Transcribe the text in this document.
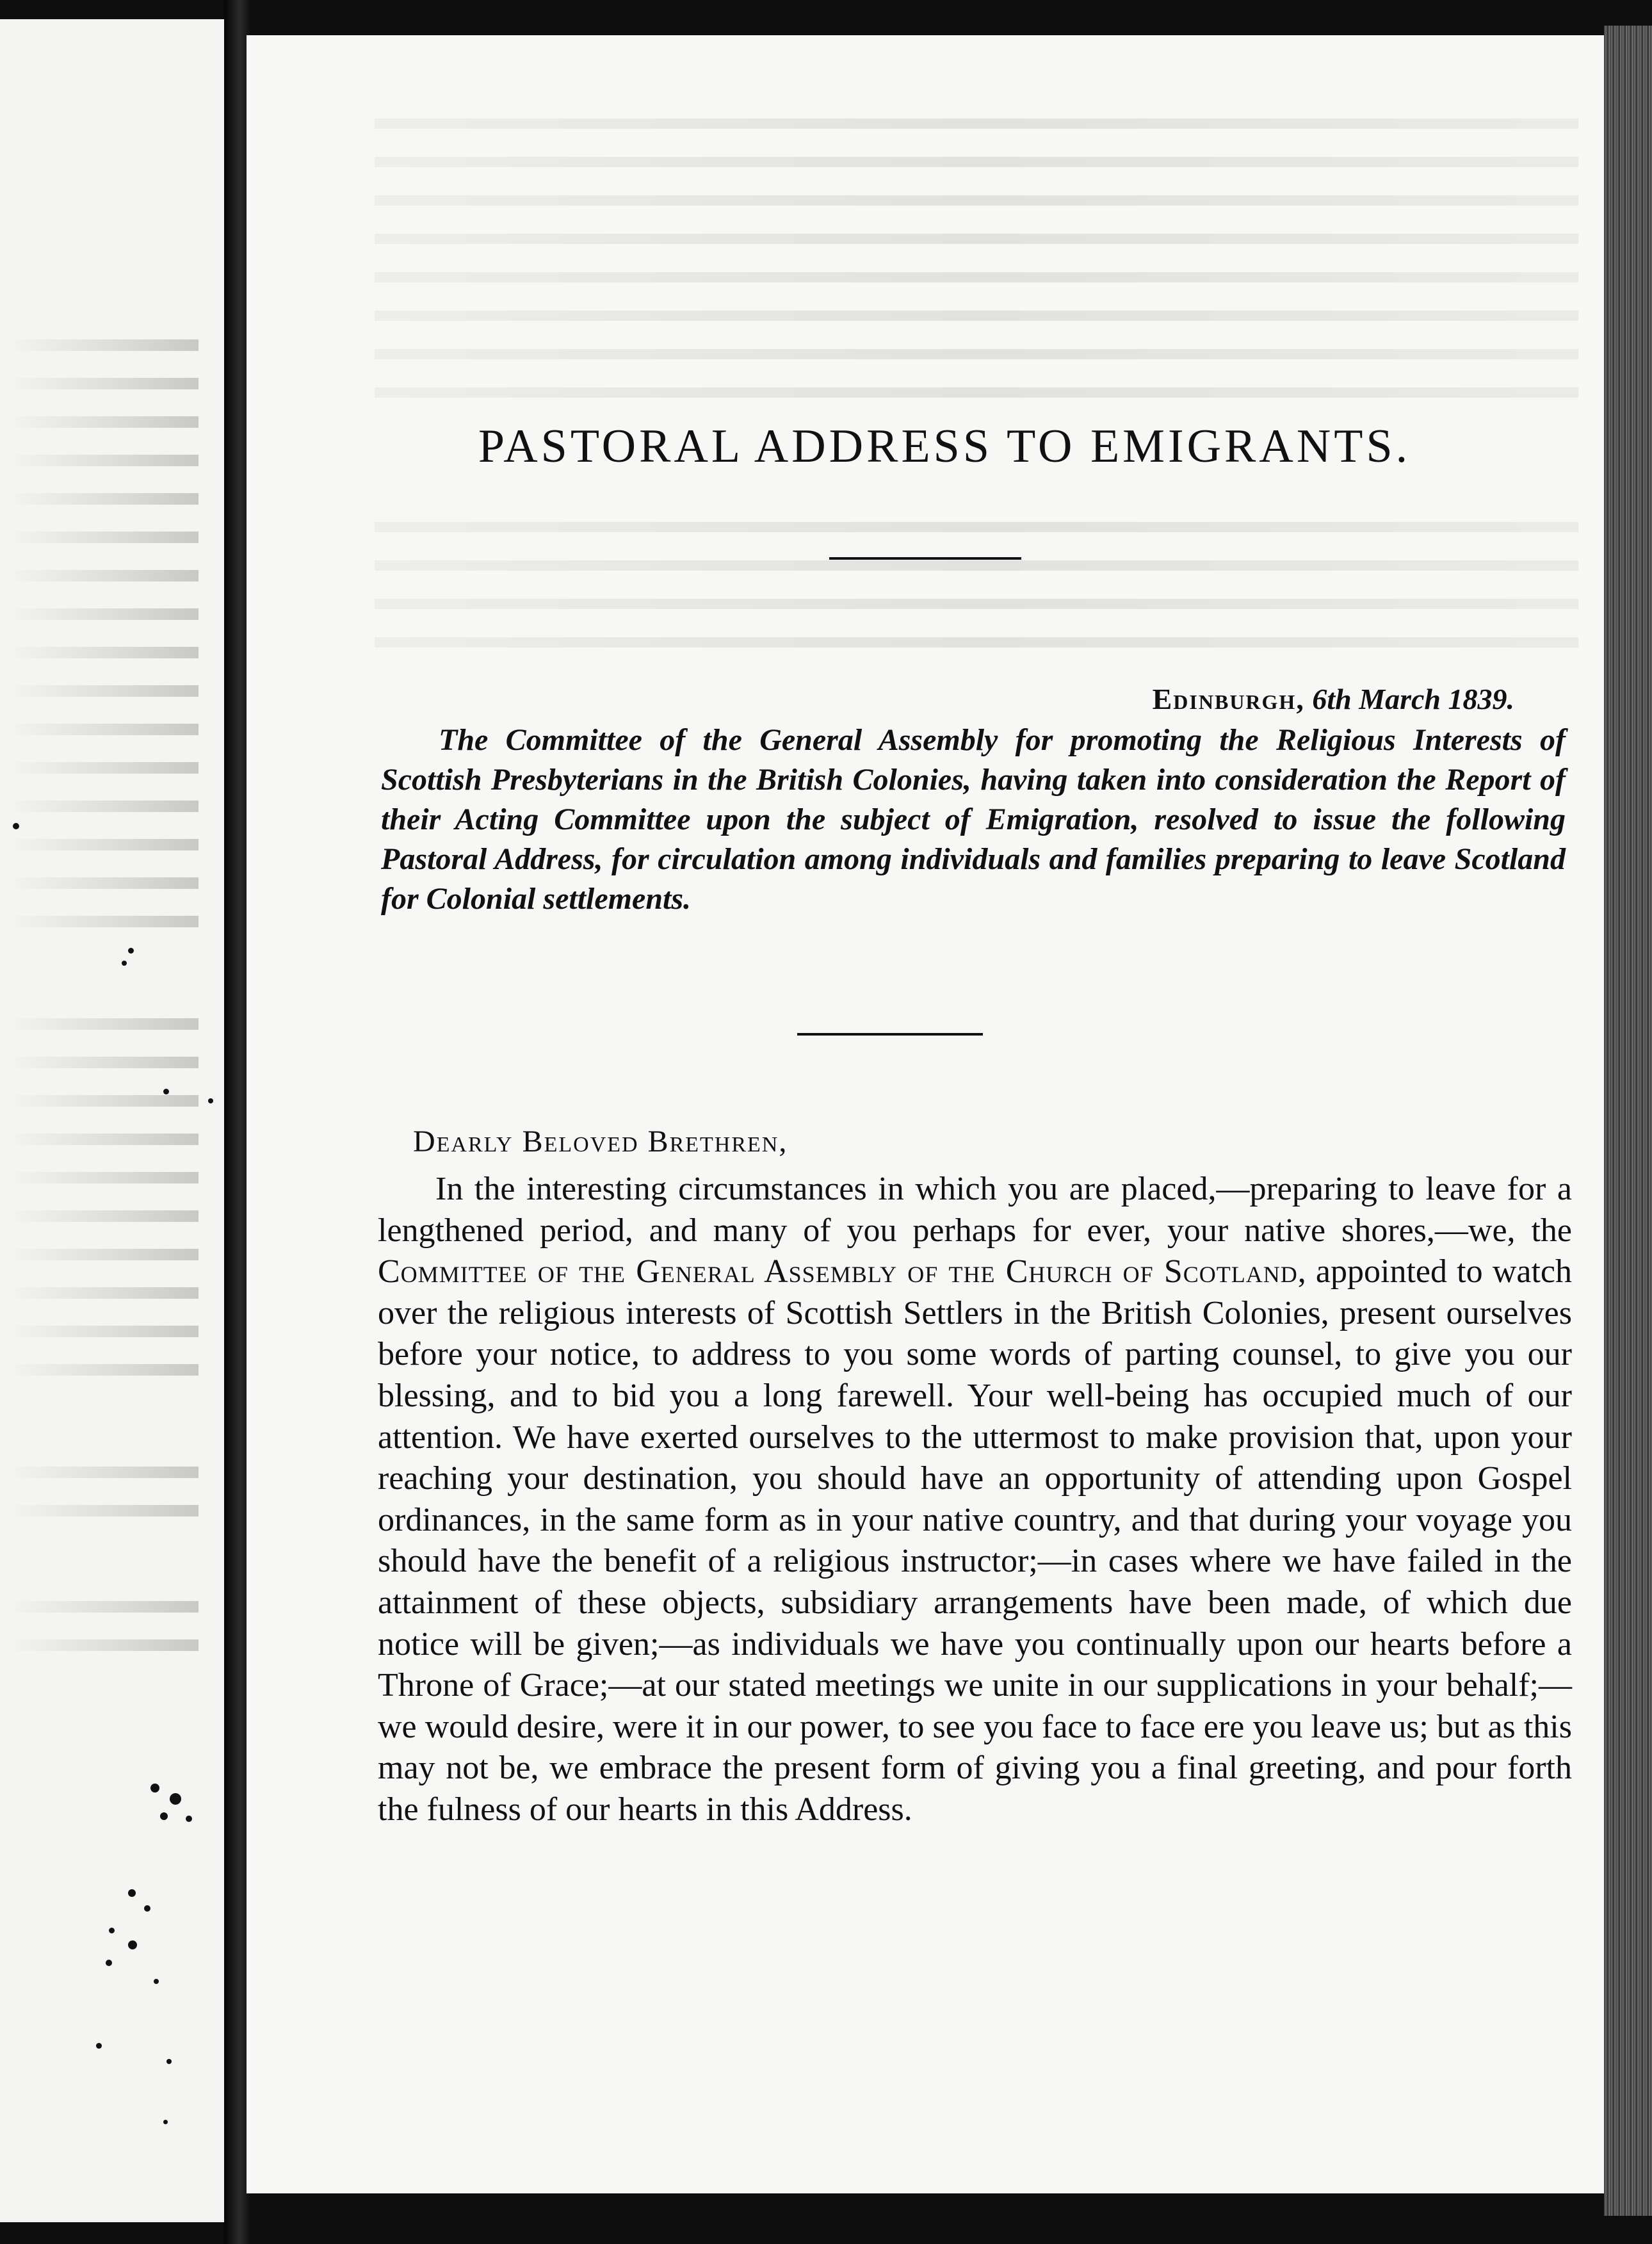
PASTORAL ADDRESS TO EMIGRANTS.
Edinburgh, 6th March 1839.
The Committee of the General Assembly for promoting the Religious Interests of Scottish Presbyterians in the British Colonies, having taken into consideration the Report of their Acting Committee upon the subject of Emigration, resolved to issue the following Pastoral Address, for circulation among individuals and families preparing to leave Scotland for Colonial settlements.
Dearly Beloved Brethren,
In the interesting circumstances in which you are placed,—preparing to leave for a lengthened period, and many of you perhaps for ever, your native shores,—we, the Committee of the General Assembly of the Church of Scotland, appointed to watch over the religious interests of Scottish Settlers in the British Colonies, present ourselves before your notice, to address to you some words of parting counsel, to give you our blessing, and to bid you a long farewell. Your well-being has occupied much of our attention. We have exerted ourselves to the uttermost to make provision that, upon your reaching your destination, you should have an opportunity of attending upon Gospel ordinances, in the same form as in your native country, and that during your voyage you should have the benefit of a religious instructor;—in cases where we have failed in the attainment of these objects, subsidiary arrangements have been made, of which due notice will be given;—as individuals we have you continually upon our hearts before a Throne of Grace;—at our stated meetings we unite in our supplications in your behalf;—we would desire, were it in our power, to see you face to face ere you leave us; but as this may not be, we embrace the present form of giving you a final greeting, and pour forth the fulness of our hearts in this Address.
